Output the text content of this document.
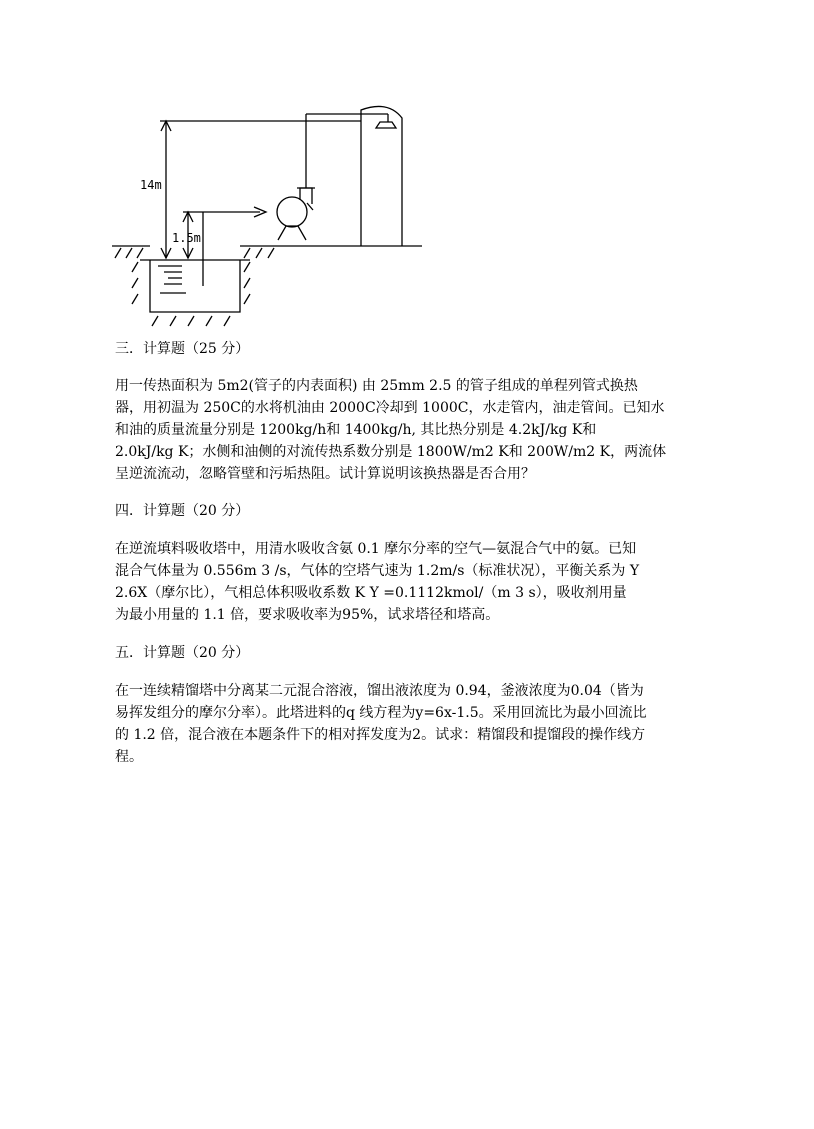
14m
1.5m
三．计算题（25 分）

用一传热面积为 5m2(管子的内表面积) 由 25mm 2.5 的管子组成的单程列管式换热

器，用初温为 250C的水将机油由 2000C冷却到 1000C，水走管内，油走管间。已知水

和油的质量流量分别是 1200kg/h和 1400kg/h, 其比热分别是 4.2kJ/kg K和

2.0kJ/kg K；水侧和油侧的对流传热系数分别是 1800W/m2 K和 200W/m2 K，两流体

呈逆流流动，忽略管壁和污垢热阻。试计算说明该换热器是否合用？

四．计算题（20 分）

在逆流填料吸收塔中，用清水吸收含氨 0.1 摩尔分率的空气—氨混合气中的氨。已知

混合气体量为 0.556m 3 /s，气体的空塔气速为 1.2m/s（标准状况），平衡关系为 Y

2.6X（摩尔比），气相总体积吸收系数 K Y =0.1112kmol/（m 3 s），吸收剂用量

为最小用量的 1.1 倍，要求吸收率为95%，试求塔径和塔高。

五．计算题（20 分）

在一连续精馏塔中分离某二元混合溶液，馏出液浓度为 0.94，釜液浓度为0.04（皆为

易挥发组分的摩尔分率）。此塔进料的q 线方程为y=6x-1.5。采用回流比为最小回流比

的 1.2 倍，混合液在本题条件下的相对挥发度为2。试求：精馏段和提馏段的操作线方

程。
